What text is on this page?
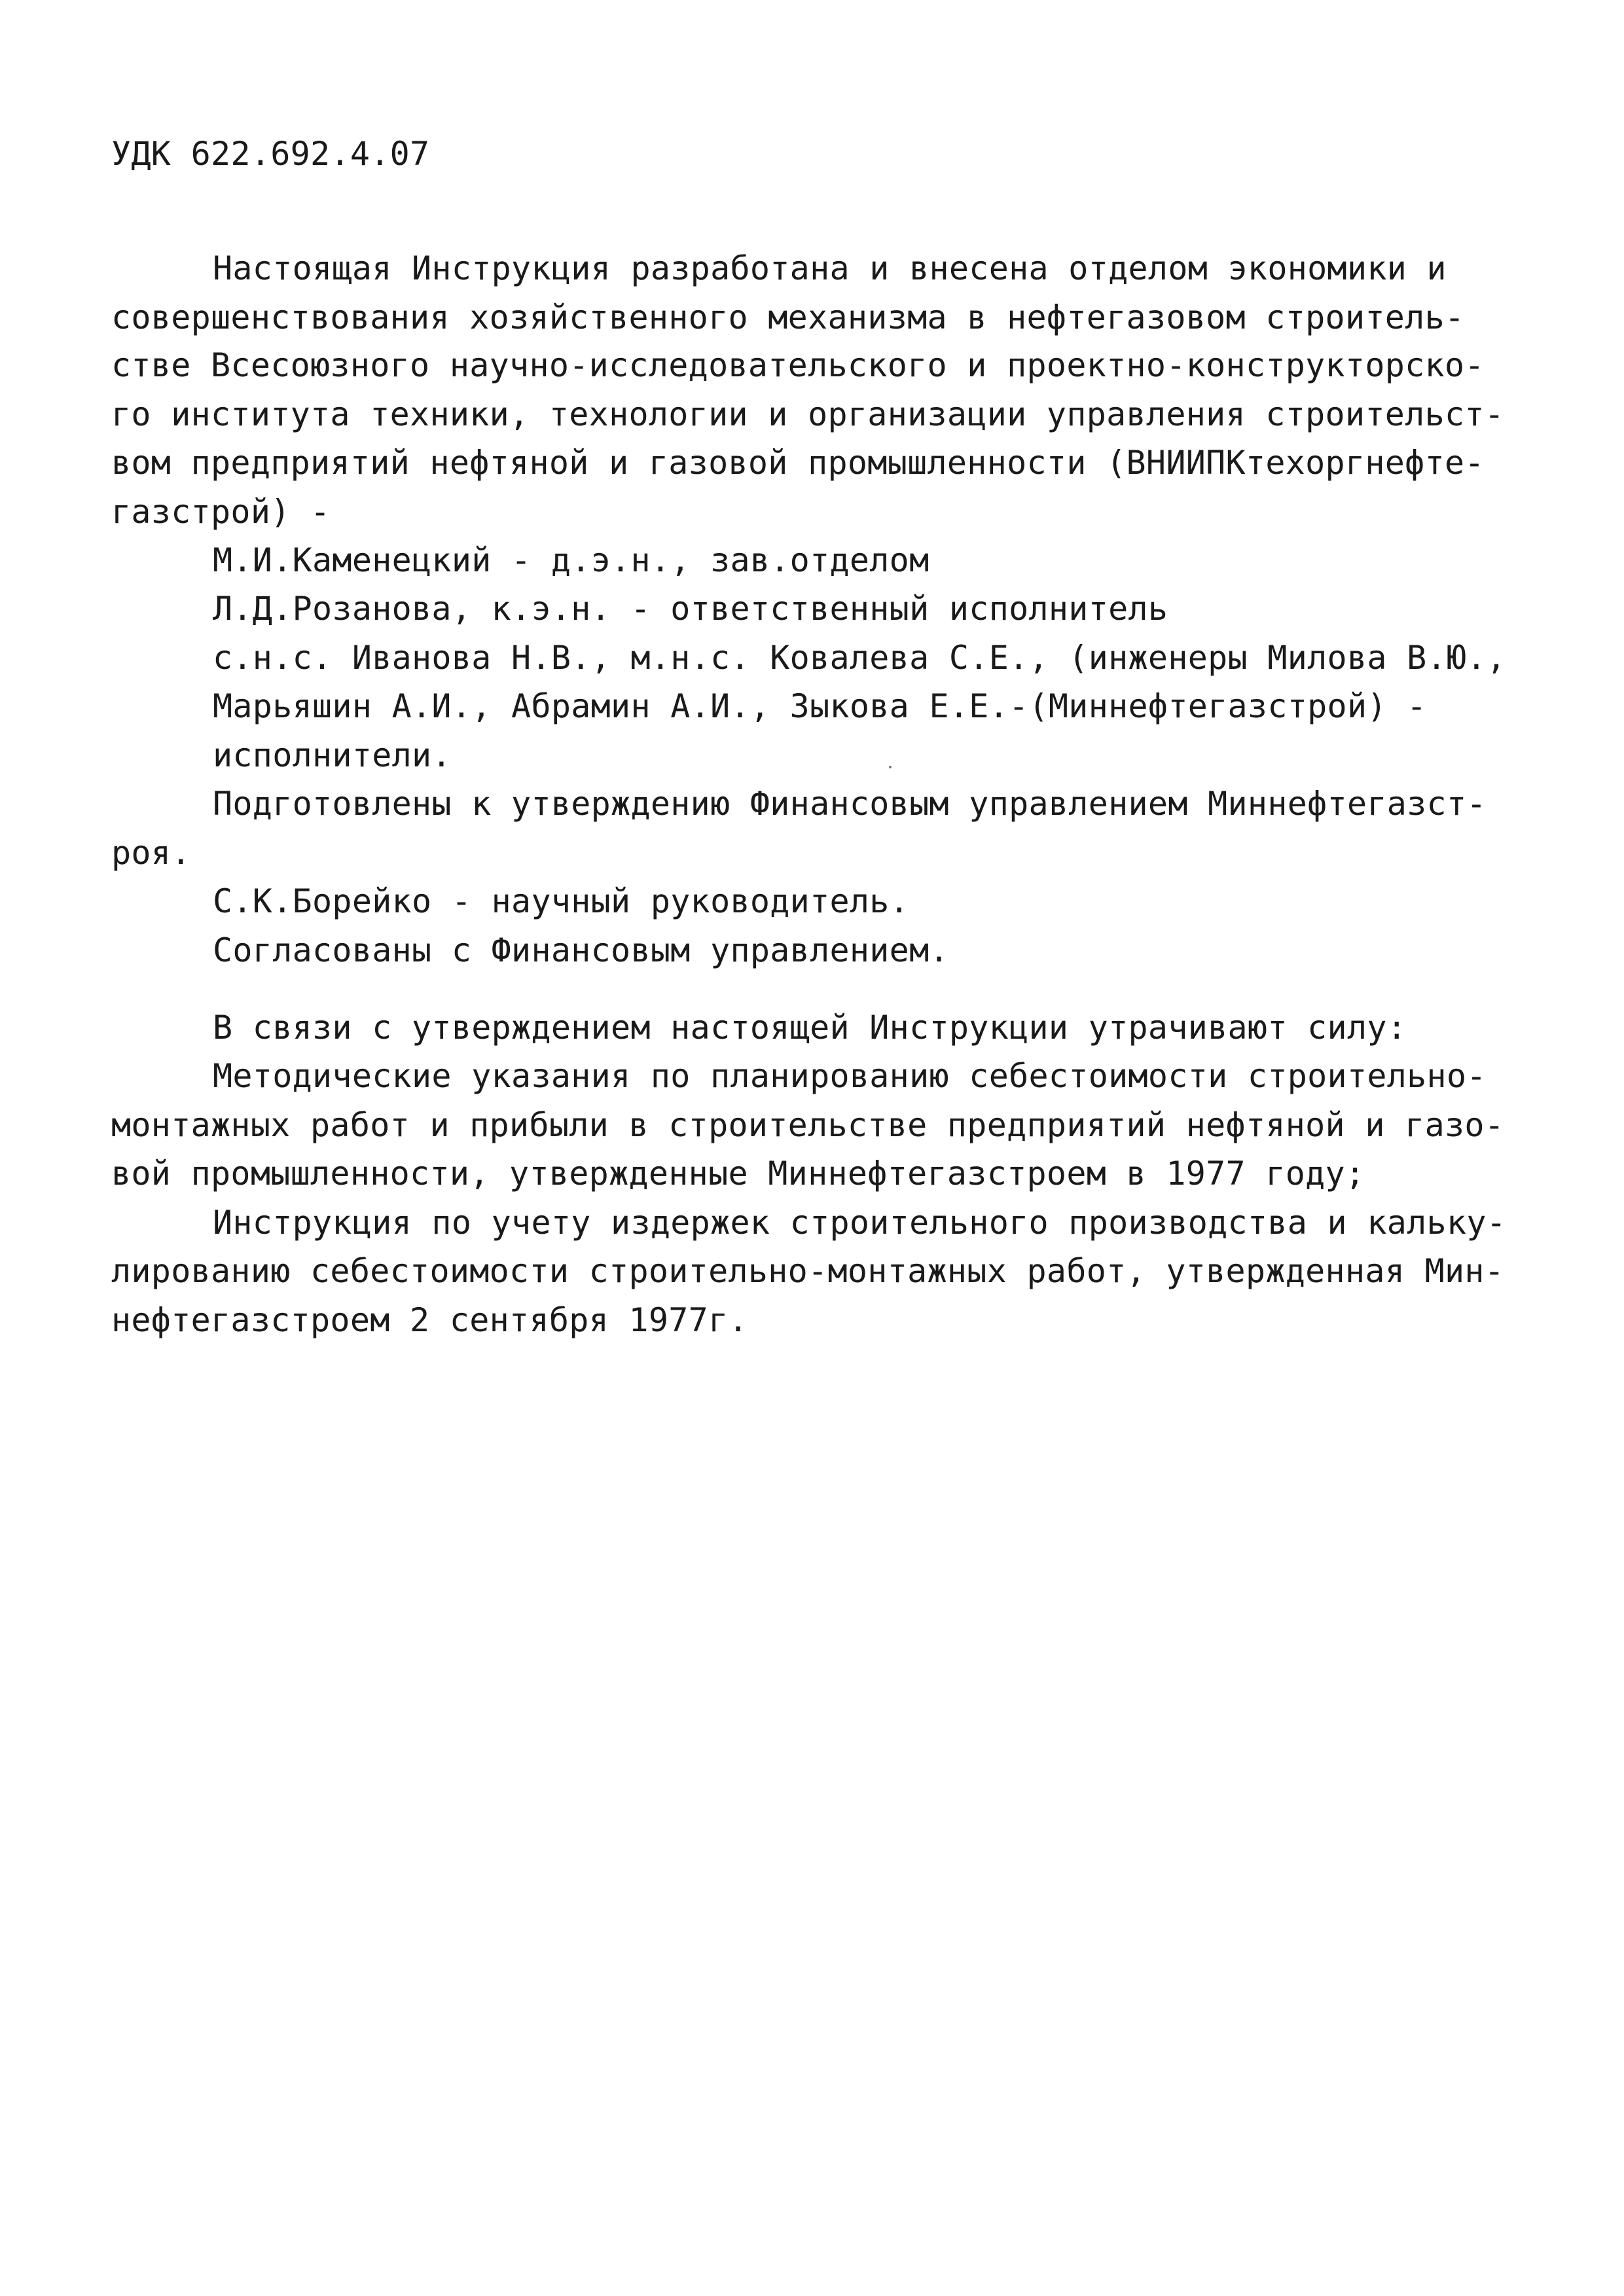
УДК 622.692.4.07
Настоящая Инструкция разработана и внесена отделом экономики и
совершенствования хозяйственного механизма в нефтегазовом строитель-
стве Всесоюзного научно-исследовательского и проектно-конструкторско-
го института техники, технологии и организации управления строительст-
вом предприятий нефтяной и газовой промышленности (ВНИИПКтехоргнефте-
газстрой) -
М.И.Каменецкий - д.э.н., зав.отделом
Л.Д.Розанова, к.э.н. - ответственный исполнитель
с.н.с. Иванова Н.В., м.н.с. Ковалева С.Е., (инженеры Милова В.Ю.,
Марьяшин А.И., Абрамин А.И., Зыкова Е.Е.-(Миннефтегазстрой) -
исполнители.
Подготовлены к утверждению Финансовым управлением Миннефтегазст-
роя.
С.К.Борейко - научный руководитель.
Согласованы с Финансовым управлением.
В связи с утверждением настоящей Инструкции утрачивают силу:
Методические указания по планированию себестоимости строительно-
монтажных работ и прибыли в строительстве предприятий нефтяной и газо-
вой промышленности, утвержденные Миннефтегазстроем в 1977 году;
Инструкция по учету издержек строительного производства и кальку-
лированию себестоимости строительно-монтажных работ, утвержденная Мин-
нефтегазстроем 2 сентября 1977г.
